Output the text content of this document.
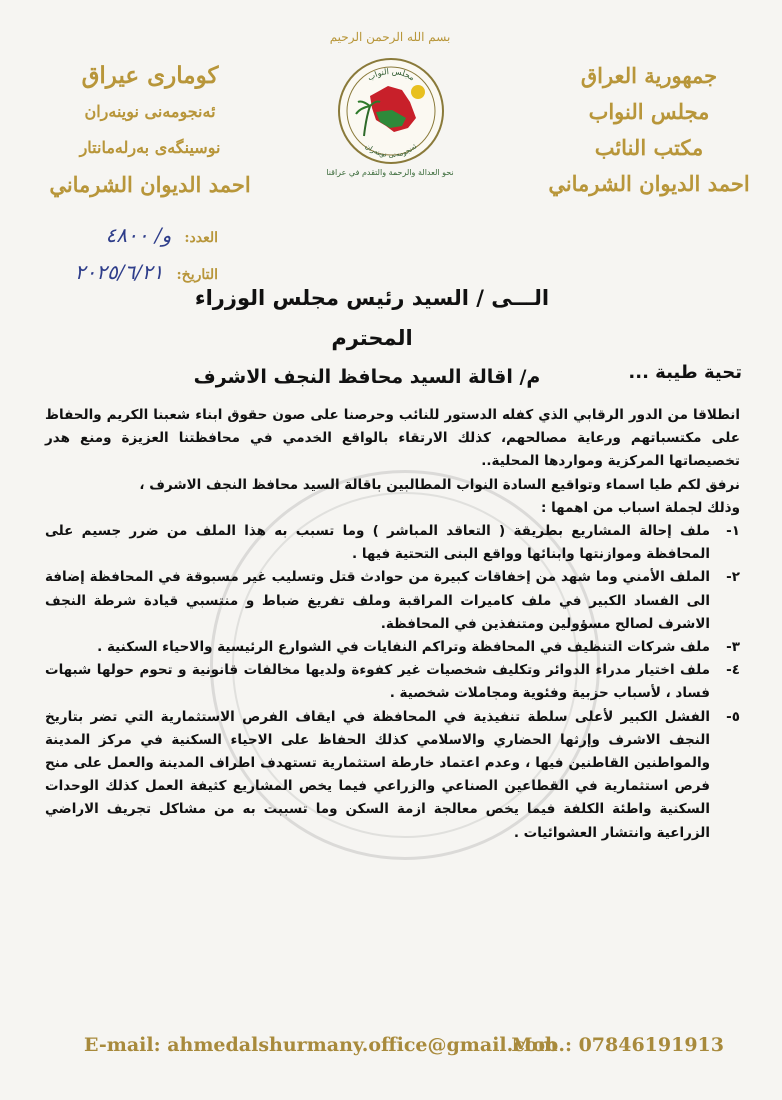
بسم الله الرحمن الرحيم
جمهورية العراق
مجلس النواب
مكتب النائب
احمد الديوان الشرماني
كوماری عیراق
ئەنجومەنی نوینەران
نوسینگەی بەرلەمانتار
احمد الديوان الشرماني
مجلس النواب
ئەنجومەنی نوینەران
نحو العدالة والرحمة والتقدم في عراقنا
العدد: و/ ٤٨٠٠
التاريخ: ٢٠٢٥/٦/٢١
الـــى / السيد رئيس مجلس الوزراء المحترم
م/ اقالة السيد محافظ النجف الاشرف	تحية طيبة ...

انطلاقا من الدور الرقابي الذي كفله الدستور للنائب وحرصنا على صون حقوق ابناء شعبنا الكريم والحفاظ على مكتسباتهم ورعاية مصالحهم، كذلك الارتقاء بالواقع الخدمي في محافظتنا العزيزة ومنع هدر تخصيصاتها المركزية ومواردها المحلية..

نرفق لكم طيا اسماء وتواقيع السادة النواب المطالبين باقالة السيد محافظ النجف الاشرف ،

وذلك لجملة اسباب من اهمها :

١-
ملف إحالة المشاريع بطريقة ( التعاقد المباشر ) وما تسبب به هذا الملف من ضرر جسيم على المحافظة وموازنتها وابنائها وواقع البنى التحتية فيها .
٢-
الملف الأمني وما شهد من إخفاقات كبيرة من حوادث قتل وتسليب غير مسبوقة في المحافظة إضافة الى الفساد الكبير في ملف كاميرات المراقبة وملف تفريغ ضباط و منتسبي قيادة شرطة النجف الاشرف لصالح مسؤولين ومتنفذين في المحافظة.
٣-
ملف شركات التنظيف في المحافظة وتراكم النفايات في الشوارع الرئيسية والاحياء السكنية .
٤-
ملف اختيار مدراء الدوائر وتكليف شخصيات غير كفوءة ولديها مخالفات قانونية و تحوم حولها شبهات فساد ، لأسباب حزبية وفئوية ومجاملات شخصية .
٥-
الفشل الكبير لأعلى سلطة تنفيذية في المحافظة في ايقاف الفرص الاستثمارية التي تضر بتاريخ النجف الاشرف وإرثها الحضاري والاسلامي كذلك الحفاظ على الاحياء السكنية في مركز المدينة والمواطنين القاطنين فيها ، وعدم اعتماد خارطة استثمارية تستهدف اطراف المدينة والعمل على منح فرص استثمارية في القطاعين الصناعي والزراعي فيما يخص المشاريع كثيفة العمل كذلك الوحدات السكنية واطئة الكلفة فيما يخص معالجة ازمة السكن وما تسببت به من مشاكل تجريف الاراضي الزراعية وانتشار العشوائيات .
E-mail: ahmedalshurmany.office@gmail.com
Mob.: 07846191913
